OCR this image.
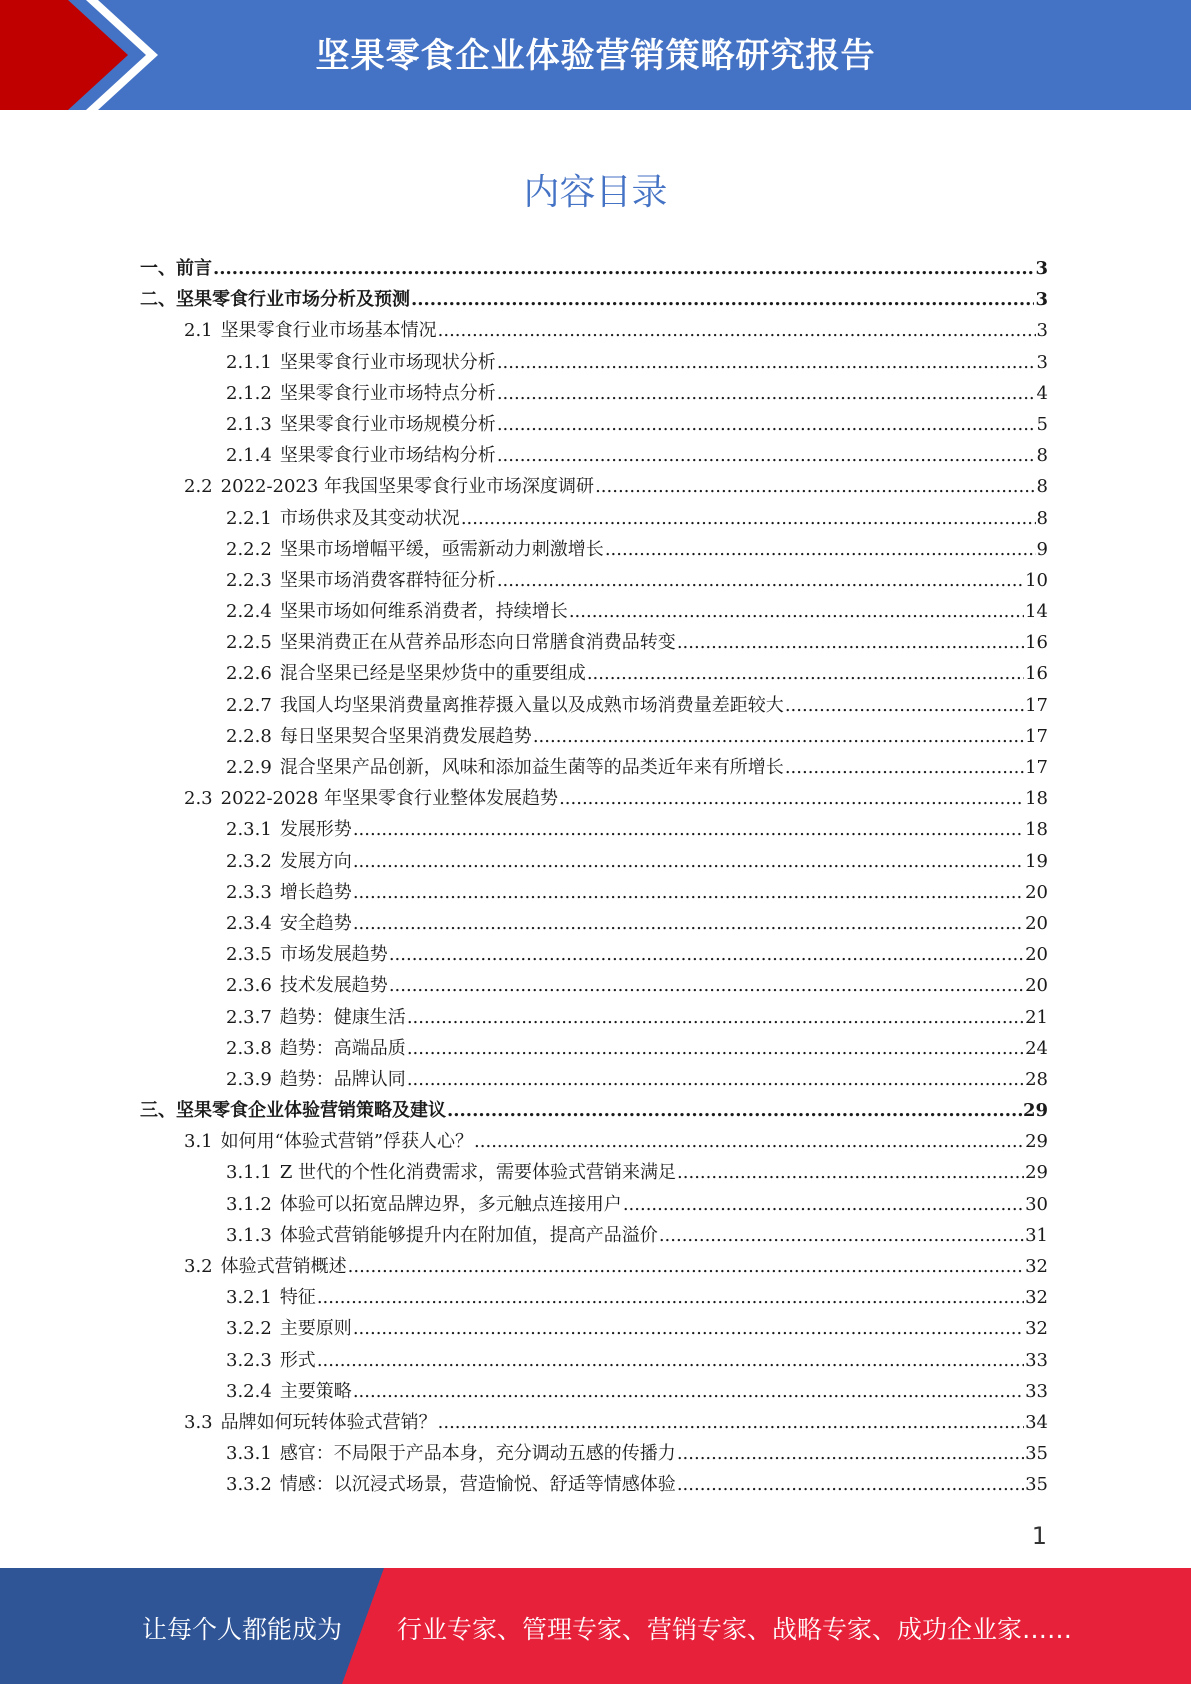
坚果零食企业体验营销策略研究报告
内容目录
一、 前言 .....	3
二、 坚果零食行业市场分析及预测 .....	3
2.1 坚果零食行业市场基本情况 .....	3
2.1.1 坚果零食行业市场现状分析 .....	3
2.1.2 坚果零食行业市场特点分析 .....	4
2.1.3 坚果零食行业市场规模分析 .....	5
2.1.4 坚果零食行业市场结构分析 .....	8
2.2 2022-2023 年我国坚果零食行业市场深度调研 .....	8
2.2.1 市场供求及其变动状况 .....	8
2.2.2 坚果市场增幅平缓，亟需新动力刺激增长 .....	9
2.2.3 坚果市场消费客群特征分析 .....	10
2.2.4 坚果市场如何维系消费者，持续增长 .....	14
2.2.5 坚果消费正在从营养品形态向日常膳食消费品转变 .....	16
2.2.6 混合坚果已经是坚果炒货中的重要组成 .....	16
2.2.7 我国人均坚果消费量离推荐摄入量以及成熟市场消费量差距较大 .....	17
2.2.8 每日坚果契合坚果消费发展趋势 .....	17
2.2.9 混合坚果产品创新，风味和添加益生菌等的品类近年来有所增长 .....	17
2.3 2022-2028 年坚果零食行业整体发展趋势 .....	18
2.3.1 发展形势 .....	18
2.3.2 发展方向 .....	19
2.3.3 增长趋势 .....	20
2.3.4 安全趋势 .....	20
2.3.5 市场发展趋势 .....	20
2.3.6 技术发展趋势 .....	20
2.3.7 趋势：健康生活 .....	21
2.3.8 趋势：高端品质 .....	24
2.3.9 趋势：品牌认同 .....	28
三、 坚果零食企业体验营销策略及建议 .....	29
3.1 如何用“体验式营销”俘获人心？ .....	29
3.1.1 Z 世代的个性化消费需求，需要体验式营销来满足 .....	29
3.1.2 体验可以拓宽品牌边界，多元触点连接用户 .....	30
3.1.3 体验式营销能够提升内在附加值，提高产品溢价 .....	31
3.2 体验式营销概述 .....	32
3.2.1 特征 .....	32
3.2.2 主要原则 .....	32
3.2.3 形式 .....	33
3.2.4 主要策略 .....	33
3.3 品牌如何玩转体验式营销？ .....	34
3.3.1 感官：不局限于产品本身，充分调动五感的传播力 .....	35
3.3.2 情感：以沉浸式场景，营造愉悦、舒适等情感体验 .....	35
1
让每个人都能成为 行业专家、管理专家、营销专家、战略专家、成功企业家……
